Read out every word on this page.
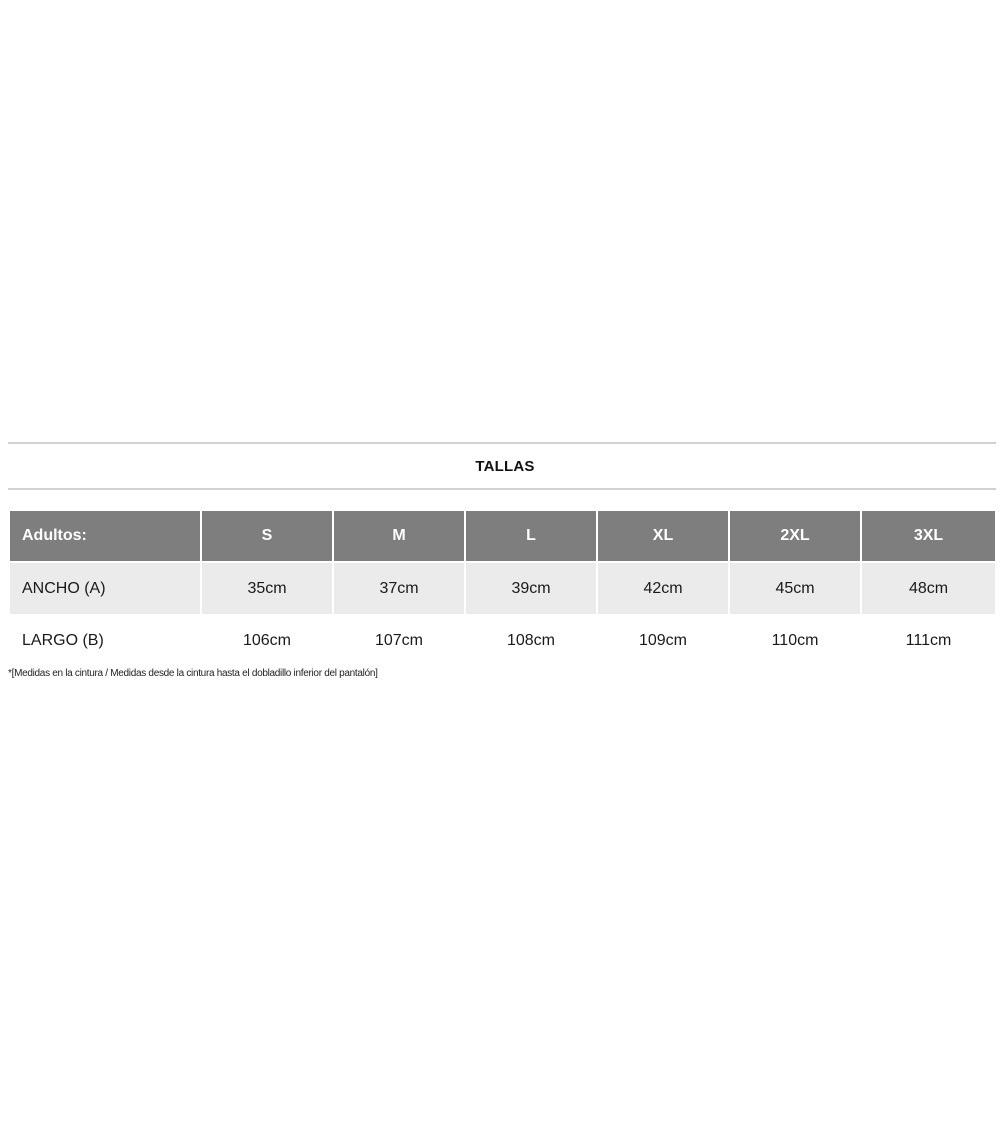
TALLAS
Adultos:	S	M	L	XL	2XL	3XL
ANCHO (A)	35cm	37cm	39cm	42cm	45cm	48cm
LARGO (B)	106cm	107cm	108cm	109cm	110cm	111cm
*[Medidas en la cintura / Medidas desde la cintura hasta el dobladillo inferior del pantalón]
